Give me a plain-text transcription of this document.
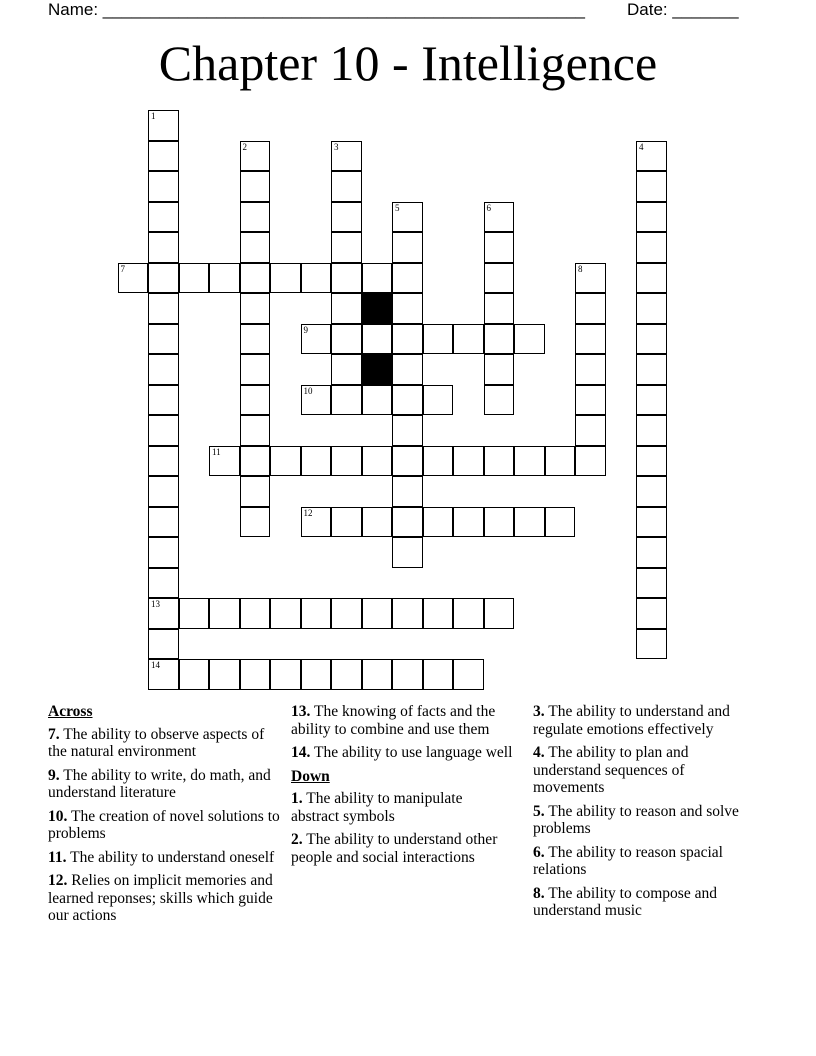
Name: ___________________________________________________ Date: _______
Chapter 10 - Intelligence
1
2	3	4
5	6
7	8
9
10
11
12
13
14
Across
7. The ability to observe aspects of the natural environment
9. The ability to write, do math, and understand literature
10. The creation of novel solutions to problems
11. The ability to understand oneself
12. Relies on implicit memories and learned reponses; skills which guide our actions
13. The knowing of facts and the ability to combine and use them
14. The ability to use language well
Down
1. The ability to manipulate abstract symbols
2. The ability to understand other people and social interactions
3. The ability to understand and regulate emotions effectively
4. The ability to plan and understand sequences of movements
5. The ability to reason and solve problems
6. The ability to reason spacial relations
8. The ability to compose and understand music
